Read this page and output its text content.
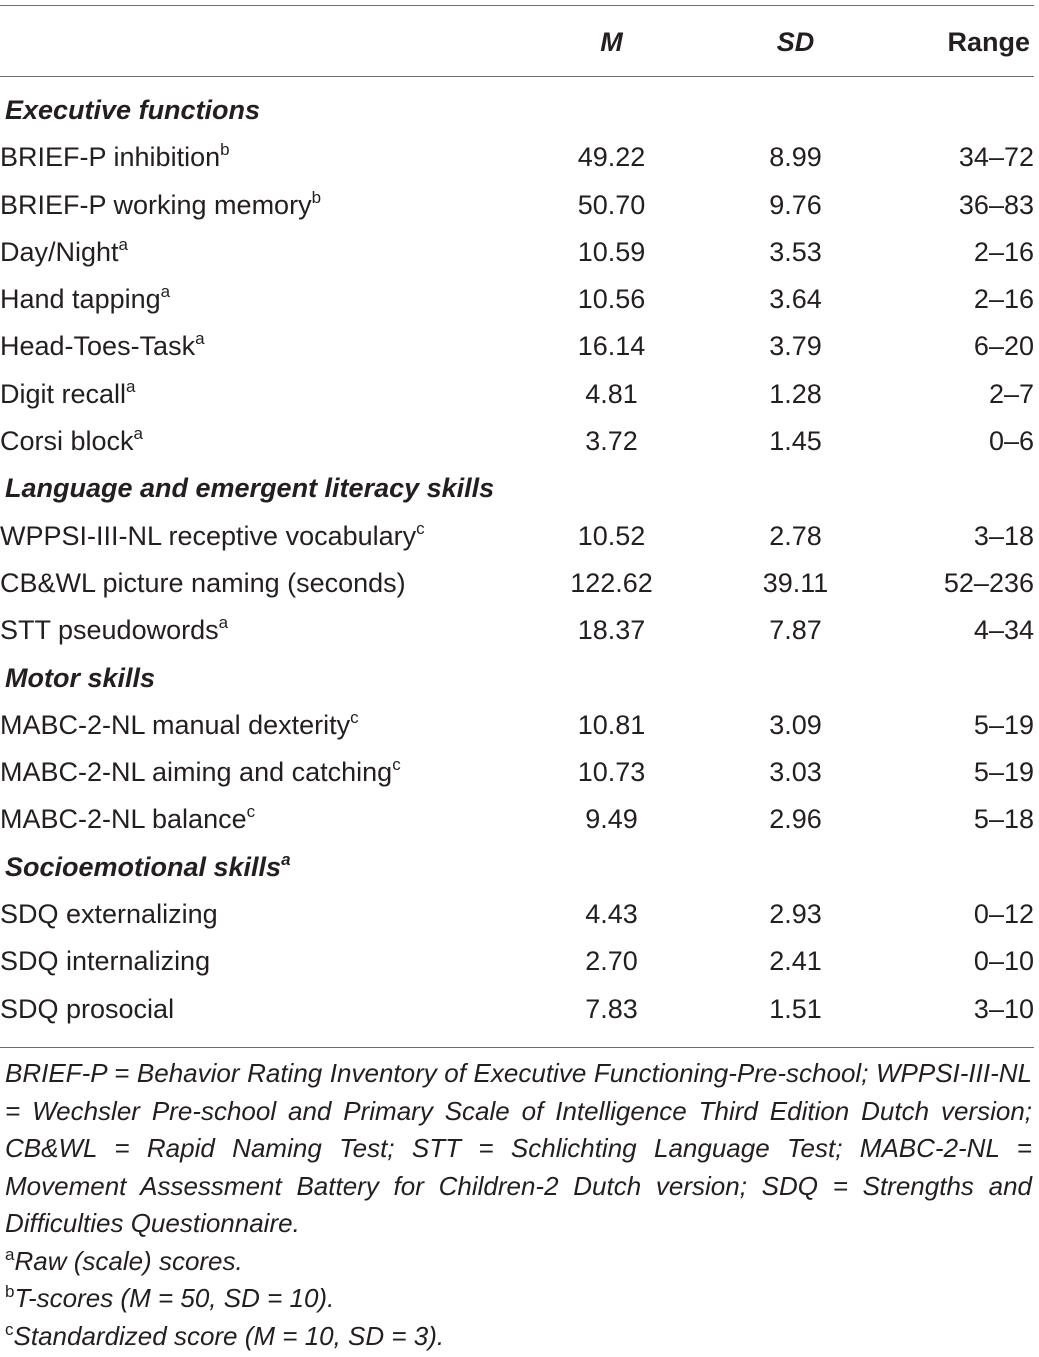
	M	SD	Range

Executive functions			
BRIEF-P inhibition$^b$	49.22	8.99	34–72
BRIEF-P working memory$^b$	50.70	9.76	36–83
Day/Night$^a$	10.59	3.53	2–16
Hand tapping$^a$	10.56	3.64	2–16
Head-Toes-Task$^a$	16.14	3.79	6–20
Digit recall$^a$	4.81	1.28	2–7
Corsi block$^a$	3.72	1.45	0–6
Language and emergent literacy skills			
WPPSI-III-NL receptive vocabulary$^c$	10.52	2.78	3–18
CB&WL picture naming (seconds)	122.62	39.11	52–236
STT pseudowords$^a$	18.37	7.87	4–34
Motor skills			
MABC-2-NL manual dexterity$^c$	10.81	3.09	5–19
MABC-2-NL aiming and catching$^c$	10.73	3.03	5–19
MABC-2-NL balance$^c$	9.49	2.96	5–18
Socioemotional skills$^a$
SDQ externalizing	4.43	2.93	0–12
SDQ internalizing	2.70	2.41	0–10
SDQ prosocial	7.83	1.51	3–10

BRIEF-P = Behavior Rating Inventory of Executive Functioning-Pre-school; WPPSI-III-NL = Wechsler Pre-school and Primary Scale of Intelligence Third Edition Dutch version; CB&WL = Rapid Naming Test; STT = Schlichting Language Test; MABC-2-NL = Movement Assessment Battery for Children-2 Dutch version; SDQ = Strengths and Difficulties Questionnaire.

$^a$Raw (scale) scores.

$^b$T-scores (M = 50, SD = 10).

$^c$Standardized score (M = 10, SD = 3).
